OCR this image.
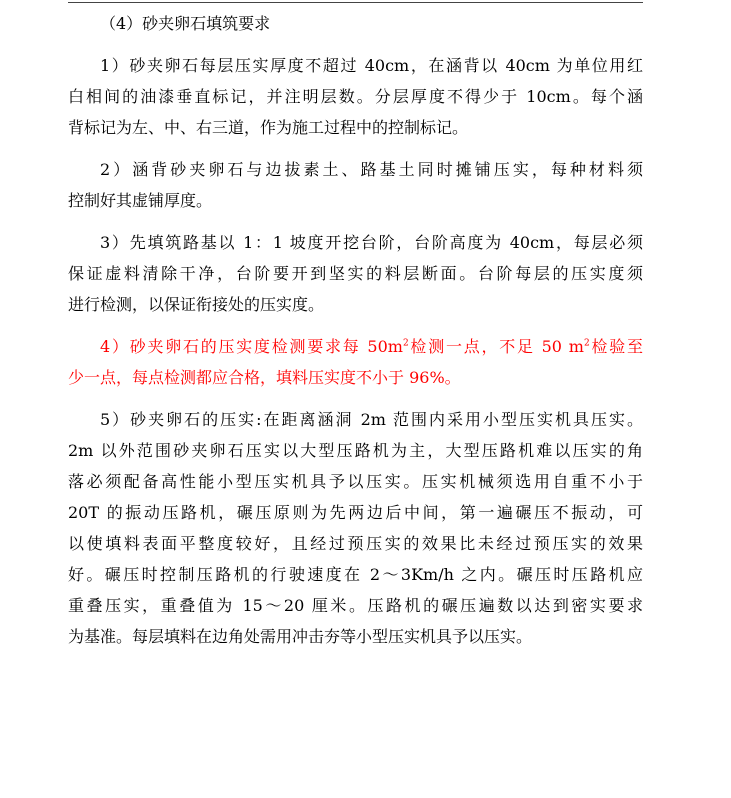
（4）砂夹卵石填筑要求
1）砂夹卵石每层压实厚度不超过 40cm，在涵背以 40cm 为单位用红
白相间的油漆垂直标记，并注明层数。分层厚度不得少于 10cm。每个涵
背标记为左、中、右三道，作为施工过程中的控制标记。
2）涵背砂夹卵石与边拔素土、路基土同时摊铺压实，每种材料须
控制好其虚铺厚度。
3）先填筑路基以 1：1 坡度开挖台阶，台阶高度为 40cm，每层必须
保证虚料清除干净，台阶要开到坚实的料层断面。台阶每层的压实度须
进行检测，以保证衔接处的压实度。
4）砂夹卵石的压实度检测要求每 $50m^2$检测一点，不足 50 $m^2$检验至
少一点，每点检测都应合格，填料压实度不小于 96%。
5）砂夹卵石的压实:在距离涵洞 2m 范围内采用小型压实机具压实。
2m 以外范围砂夹卵石压实以大型压路机为主，大型压路机难以压实的角
落必须配备高性能小型压实机具予以压实。压实机械须选用自重不小于
20T 的振动压路机，碾压原则为先两边后中间，第一遍碾压不振动，可
以使填料表面平整度较好，且经过预压实的效果比未经过预压实的效果
好。碾压时控制压路机的行驶速度在 2～3Km/h 之内。碾压时压路机应
重叠压实，重叠值为 15～20 厘米。压路机的碾压遍数以达到密实要求
为基准。每层填料在边角处需用冲击夯等小型压实机具予以压实。
